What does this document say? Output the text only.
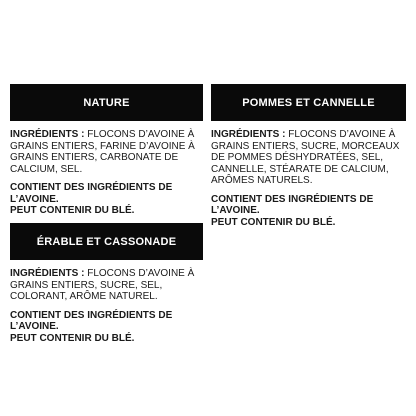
NATURE

INGRÉDIENTS : FLOCONS D’AVOINE À GRAINS ENTIERS, FARINE D’AVOINE À GRAINS ENTIERS, CARBONATE DE CALCIUM, SEL.

CONTIENT DES INGRÉDIENTS DE L’AVOINE.

PEUT CONTENIR DU BLÉ.

POMMES ET CANNELLE

INGRÉDIENTS : FLOCONS D’AVOINE À GRAINS ENTIERS, SUCRE, MORCEAUX DE POMMES DÉSHYDRATÉES, SEL, CANNELLE, STÉARATE DE CALCIUM, ARÔMES NATURELS.

CONTIENT DES INGRÉDIENTS DE L’AVOINE.

PEUT CONTENIR DU BLÉ.

ÉRABLE ET CASSONADE

INGRÉDIENTS : FLOCONS D’AVOINE À GRAINS ENTIERS, SUCRE, SEL, COLORANT, ARÔME NATUREL.

CONTIENT DES INGRÉDIENTS DE L’AVOINE.

PEUT CONTENIR DU BLÉ.
